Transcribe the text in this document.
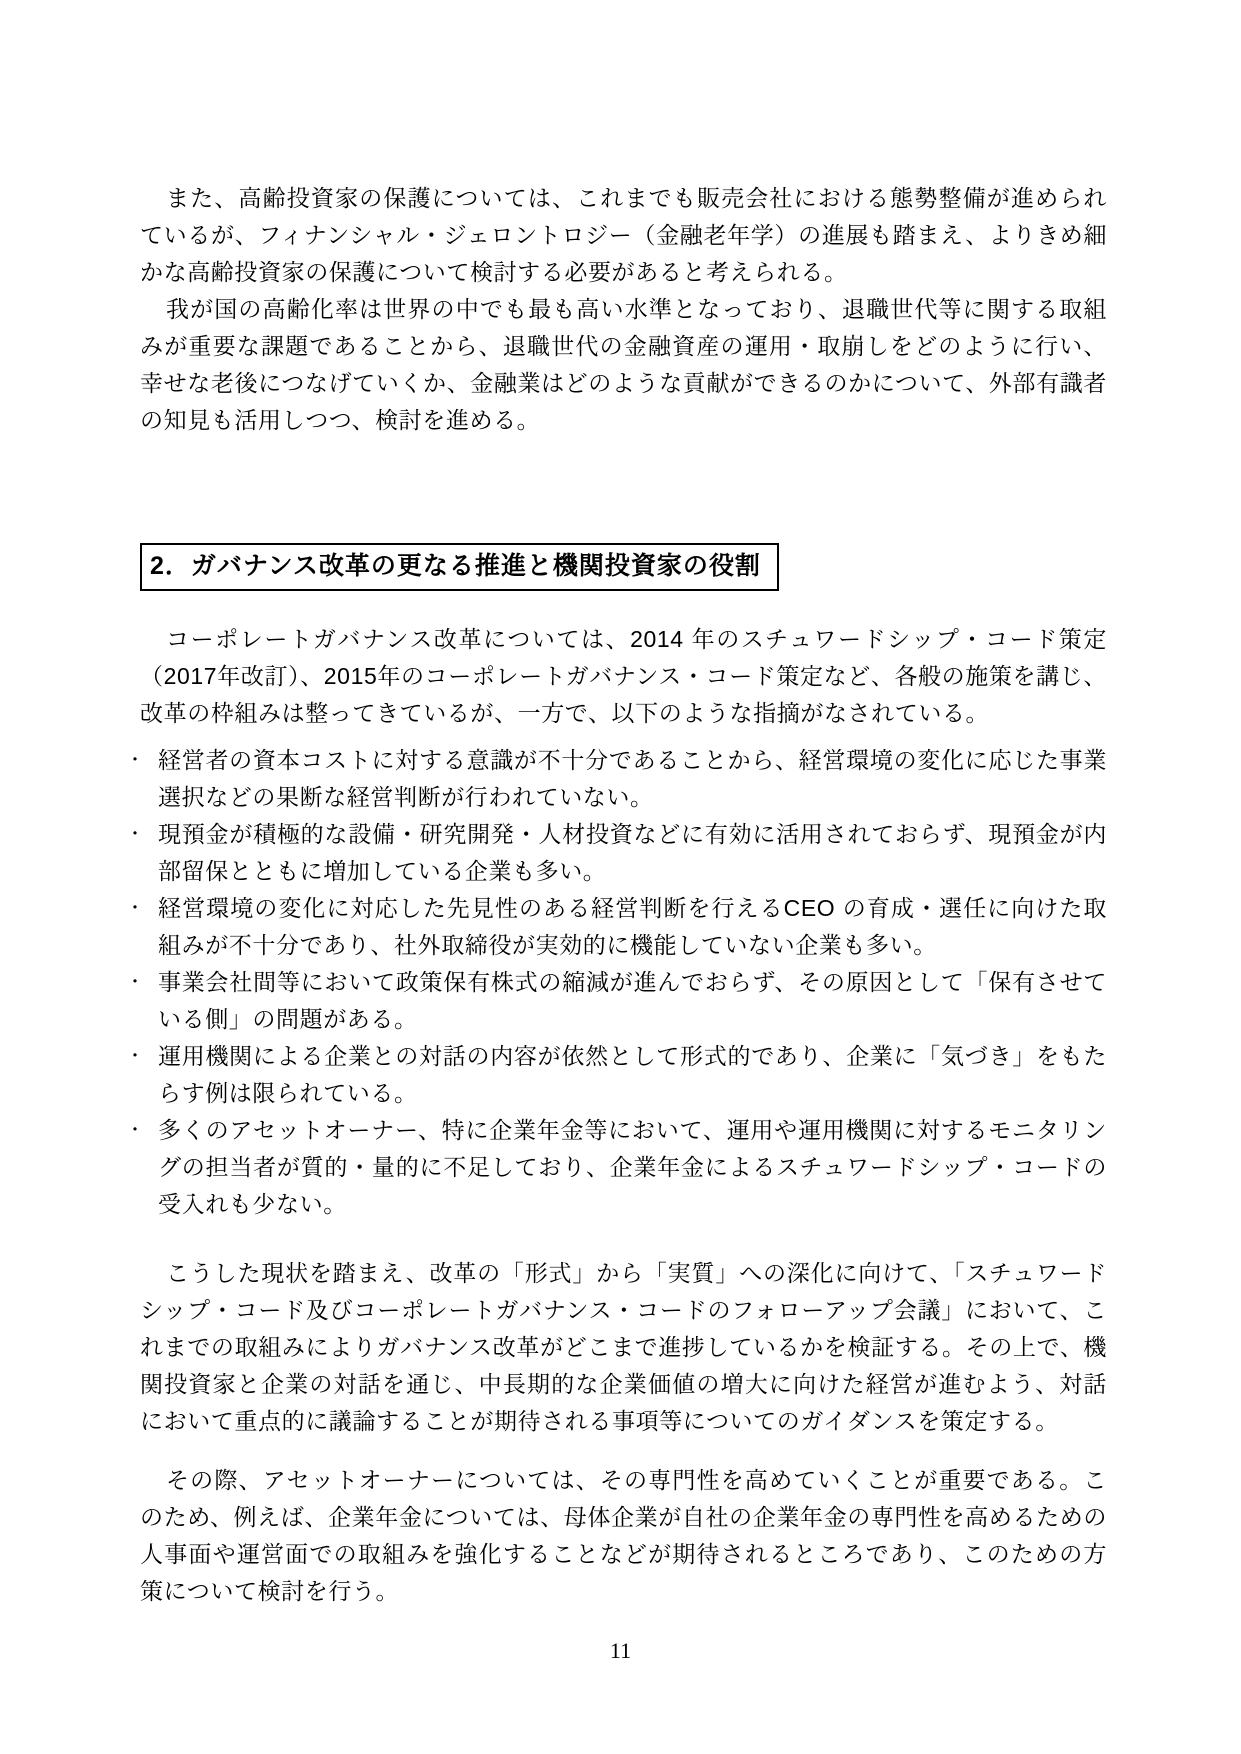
また、高齢投資家の保護については、これまでも販売会社における態勢整備が進められているが、フィナンシャル・ジェロントロジー（金融老年学）の進展も踏まえ、よりきめ細かな高齢投資家の保護について検討する必要があると考えられる。

我が国の高齢化率は世界の中でも最も高い水準となっており、退職世代等に関する取組みが重要な課題であることから、退職世代の金融資産の運用・取崩しをどのように行い、幸せな老後につなげていくか、金融業はどのような貢献ができるのかについて、外部有識者の知見も活用しつつ、検討を進める。

2．ガバナンス改革の更なる推進と機関投資家の役割

コーポレートガバナンス改革については、2014 年のスチュワードシップ・コード策定（2017年改訂）、2015年のコーポレートガバナンス・コード策定など、各般の施策を講じ、改革の枠組みは整ってきているが、一方で、以下のような指摘がなされている。

・ 経営者の資本コストに対する意識が不十分であることから、経営環境の変化に応じた事業選択などの果断な経営判断が行われていない。
・ 現預金が積極的な設備・研究開発・人材投資などに有効に活用されておらず、現預金が内部留保とともに増加している企業も多い。
・ 経営環境の変化に対応した先見性のある経営判断を行えるCEO の育成・選任に向けた取組みが不十分であり、社外取締役が実効的に機能していない企業も多い。
・ 事業会社間等において政策保有株式の縮減が進んでおらず、その原因として「保有させている側」の問題がある。
・ 運用機関による企業との対話の内容が依然として形式的であり、企業に「気づき」をもたらす例は限られている。
・ 多くのアセットオーナー、特に企業年金等において、運用や運用機関に対するモニタリングの担当者が質的・量的に不足しており、企業年金によるスチュワードシップ・コードの受入れも少ない。

こうした現状を踏まえ、改革の「形式」から「実質」への深化に向けて、「スチュワードシップ・コード及びコーポレートガバナンス・コードのフォローアップ会議」において、これまでの取組みによりガバナンス改革がどこまで進捗しているかを検証する。その上で、機関投資家と企業の対話を通じ、中長期的な企業価値の増大に向けた経営が進むよう、対話において重点的に議論することが期待される事項等についてのガイダンスを策定する。

その際、アセットオーナーについては、その専門性を高めていくことが重要である。このため、例えば、企業年金については、母体企業が自社の企業年金の専門性を高めるための人事面や運営面での取組みを強化することなどが期待されるところであり、このための方策について検討を行う。

11
